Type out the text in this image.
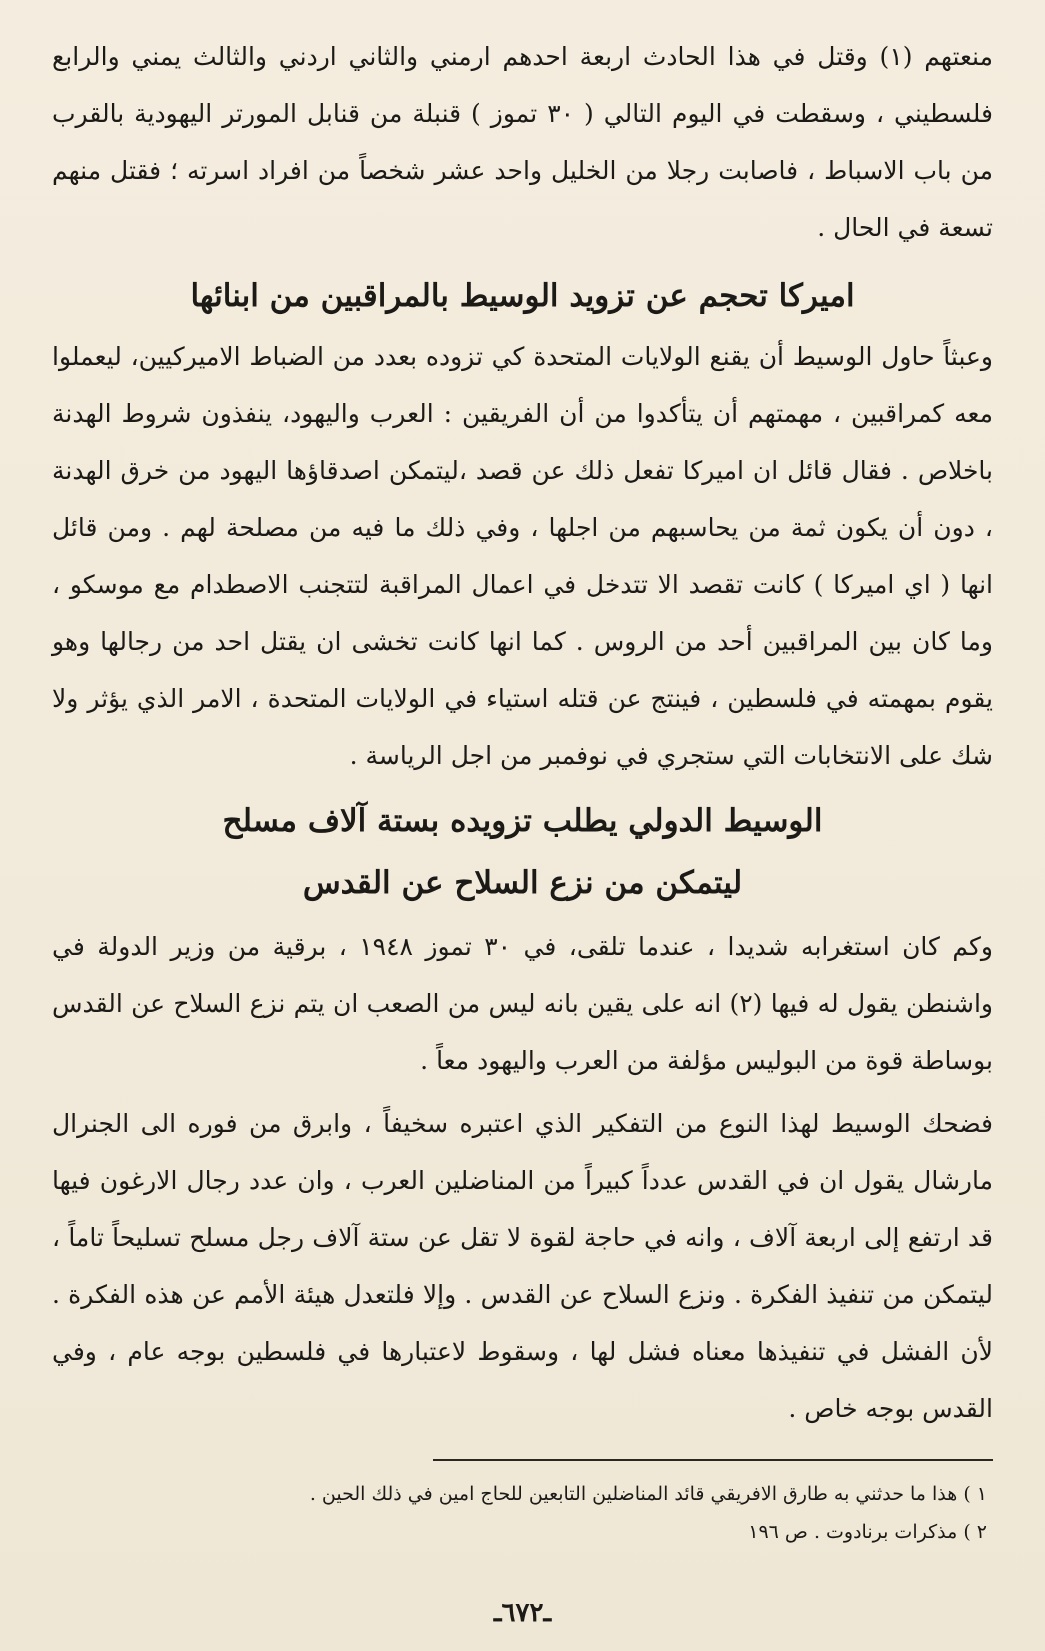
منعتهم (١) وقتل في هذا الحادث اربعة احدهم ارمني والثاني اردني والثالث يمني والرابع فلسطيني ، وسقطت في اليوم التالي ( ٣٠ تموز ) قنبلة من قنابل المورتر اليهودية بالقرب من باب الاسباط ، فاصابت رجلا من الخليل واحد عشر شخصاً من افراد اسرته ؛ فقتل منهم تسعة في الحال .

اميركا تحجم عن تزويد الوسيط بالمراقبين من ابنائها

وعبثاً حاول الوسيط أن يقنع الولايات المتحدة كي تزوده بعدد من الضباط الاميركيين، ليعملوا معه كمراقبين ، مهمتهم أن يتأكدوا من أن الفريقين : العرب واليهود، ينفذون شروط الهدنة باخلاص . فقال قائل ان اميركا تفعل ذلك عن قصد ،ليتمكن اصدقاؤها اليهود من خرق الهدنة ، دون أن يكون ثمة من يحاسبهم من اجلها ، وفي ذلك ما فيه من مصلحة لهم . ومن قائل انها ( اي اميركا ) كانت تقصد الا تتدخل في اعمال المراقبة لتتجنب الاصطدام مع موسكو ، وما كان بين المراقبين أحد من الروس . كما انها كانت تخشى ان يقتل احد من رجالها وهو يقوم بمهمته في فلسطين ، فينتج عن قتله استياء في الولايات المتحدة ، الامر الذي يؤثر ولا شك على الانتخابات التي ستجري في نوفمبر من اجل الرياسة .

الوسيط الدولي يطلب تزويده بستة آلاف مسلح
ليتمكن من نزع السلاح عن القدس

وكم كان استغرابه شديدا ، عندما تلقى، في ٣٠ تموز ١٩٤٨ ، برقية من وزير الدولة في واشنطن يقول له فيها (٢) انه على يقين بانه ليس من الصعب ان يتم نزع السلاح عن القدس بوساطة قوة من البوليس مؤلفة من العرب واليهود معاً .

فضحك الوسيط لهذا النوع من التفكير الذي اعتبره سخيفاً ، وابرق من فوره الى الجنرال مارشال يقول ان في القدس عدداً كبيراً من المناضلين العرب ، وان عدد رجال الارغون فيها قد ارتفع إلى اربعة آلاف ، وانه في حاجة لقوة لا تقل عن ستة آلاف رجل مسلح تسليحاً تاماً ، ليتمكن من تنفيذ الفكرة . ونزع السلاح عن القدس . وإلا فلتعدل هيئة الأمم عن هذه الفكرة . لأن الفشل في تنفيذها معناه فشل لها ، وسقوط لاعتبارها في فلسطين بوجه عام ، وفي القدس بوجه خاص .

١ ) هذا ما حدثني به طارق الافريقي قائد المناضلين التابعين للحاج امين في ذلك الحين .

٢ ) مذكرات برنادوت . ص ١٩٦

ـ٦٧٢ـ
